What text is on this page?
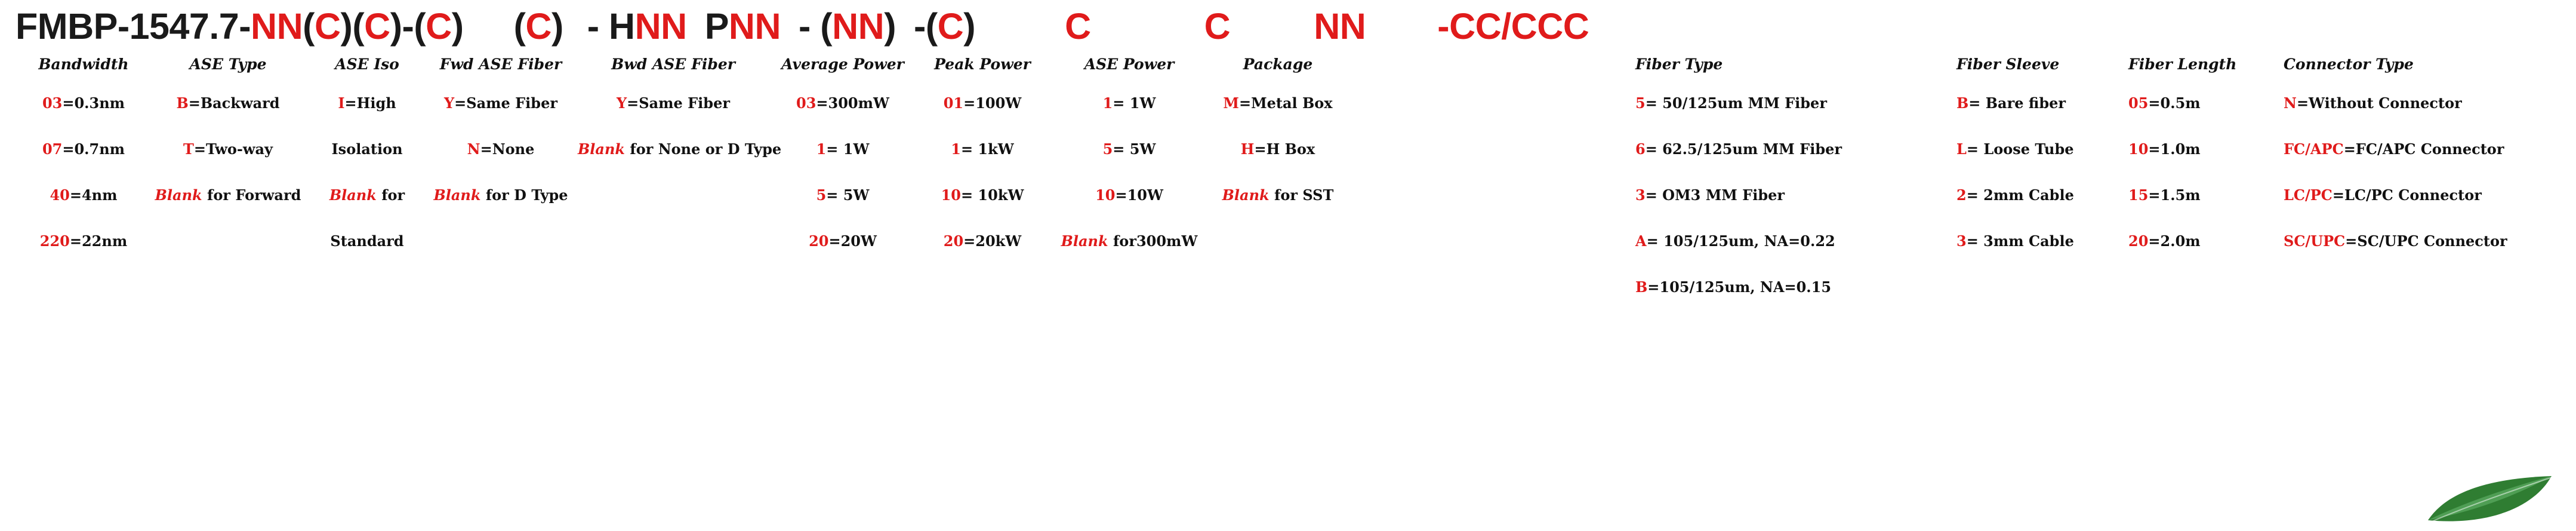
FMBP-1547.7-NN(C)(C)-(C) (C) - HNNPNN- (NN)-(C) C	C NN -CC/CCC
Bandwidth
03=0.3nm
07=0.7nm
40=4nm
220=22nm
ASE Type
B=Backward
T=Two-way
Blank for Forward
ASE Iso
I=High
Isolation
Blank for
Standard
Fwd ASE Fiber
Y=Same Fiber
N=None
Blank for D Type
Bwd ASE Fiber
Y=Same Fiber
Blank for None or D Type
Average Power
03=300mW
1= 1W
5= 5W
20=20W
Peak Power
01=100W
1= 1kW
10= 10kW
20=20kW
ASE Power
1= 1W
5= 5W
10=10W
Blank for300mW
Package
M=Metal Box
H=H Box
Blank for SST
Fiber Type
5= 50/125um MM Fiber
6= 62.5/125um MM Fiber
3= OM3 MM Fiber
A= 105/125um, NA=0.22
B=105/125um, NA=0.15
Fiber Sleeve
B= Bare fiber
L= Loose Tube
2= 2mm Cable
3= 3mm Cable
Fiber Length
05=0.5m
10=1.0m
15=1.5m
20=2.0m
Connector Type
N=Without Connector
FC/APC=FC/APC Connector
LC/PC=LC/PC Connector
SC/UPC=SC/UPC Connector
